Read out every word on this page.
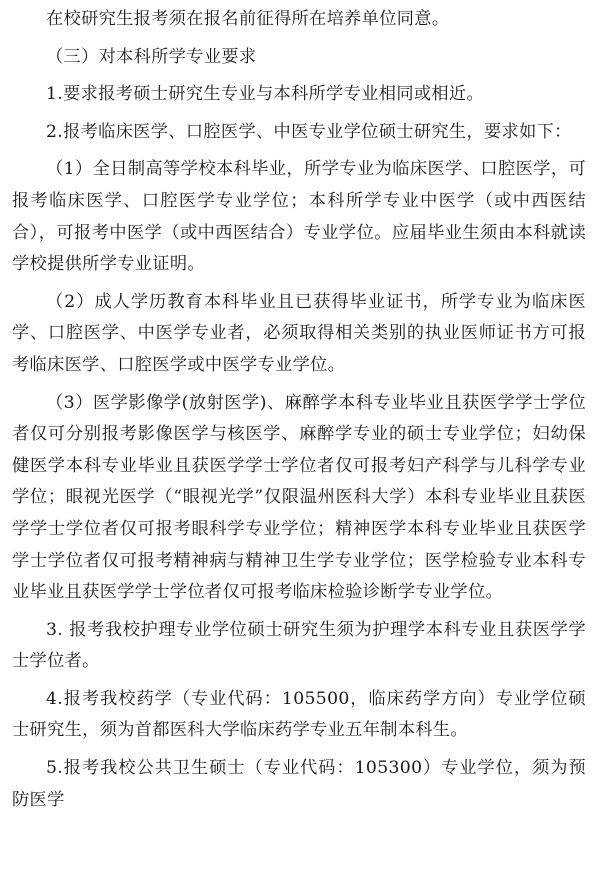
在校研究生报考须在报名前征得所在培养单位同意。

（三）对本科所学专业要求

1.要求报考硕士研究生专业与本科所学专业相同或相近。

2.报考临床医学、口腔医学、中医专业学位硕士研究生，要求如下：

（1）全日制高等学校本科毕业，所学专业为临床医学、口腔医学，可报考临床医学、口腔医学专业学位；本科所学专业中医学（或中西医结合），可报考中医学（或中西医结合）专业学位。应届毕业生须由本科就读学校提供所学专业证明。

（2）成人学历教育本科毕业且已获得毕业证书，所学专业为临床医学、口腔医学、中医学专业者，必须取得相关类别的执业医师证书方可报考临床医学、口腔医学或中医学专业学位。

（3）医学影像学(放射医学)、麻醉学本科专业毕业且获医学学士学位者仅可分别报考影像医学与核医学、麻醉学专业的硕士专业学位；妇幼保健医学本科专业毕业且获医学学士学位者仅可报考妇产科学与儿科学专业学位；眼视光医学（“眼视光学”仅限温州医科大学）本科专业毕业且获医学学士学位者仅可报考眼科学专业学位；精神医学本科专业毕业且获医学学士学位者仅可报考精神病与精神卫生学专业学位；医学检验专业本科专业毕业且获医学学士学位者仅可报考临床检验诊断学专业学位。

3. 报考我校护理专业学位硕士研究生须为护理学本科专业且获医学学士学位者。

4.报考我校药学（专业代码：105500，临床药学方向）专业学位硕士研究生，须为首都医科大学临床药学专业五年制本科生。

5.报考我校公共卫生硕士（专业代码：105300）专业学位，须为预防医学
